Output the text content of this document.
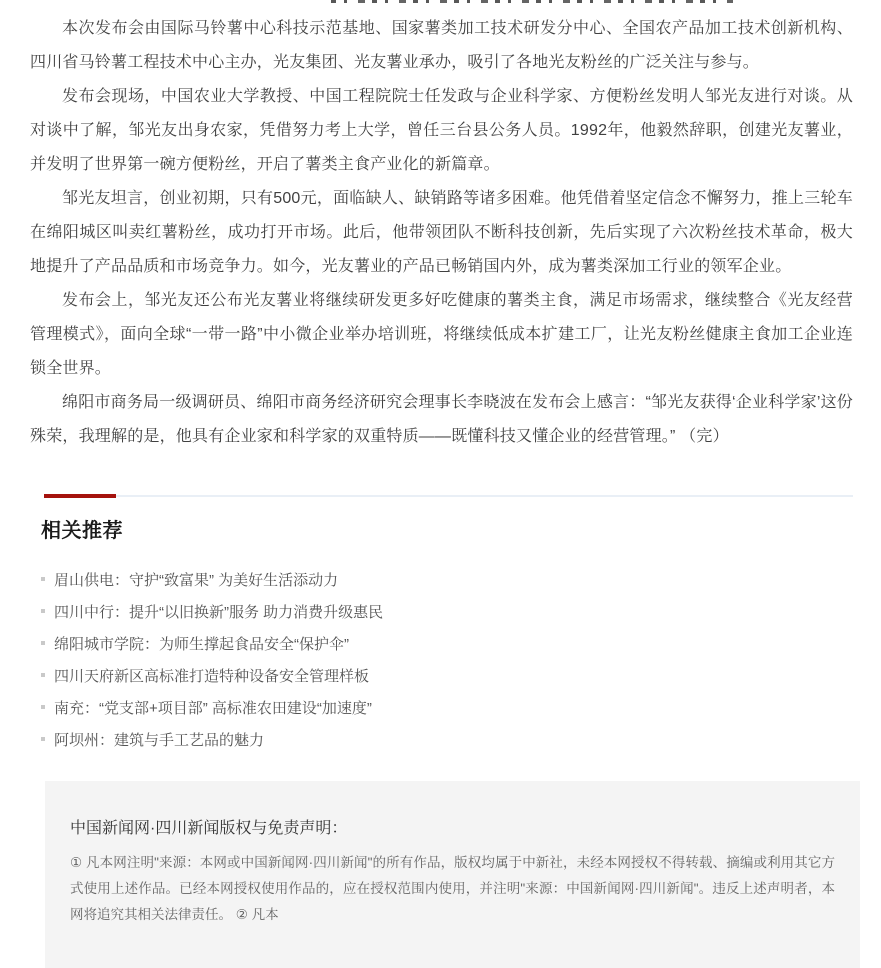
本次发布会由国际马铃薯中心科技示范基地、国家薯类加工技术研发分中心、全国农产品加工技术创新机构、四川省马铃薯工程技术中心主办，光友集团、光友薯业承办，吸引了各地光友粉丝的广泛关注与参与。

发布会现场，中国农业大学教授、中国工程院院士任发政与企业科学家、方便粉丝发明人邹光友进行对谈。从对谈中了解，邹光友出身农家，凭借努力考上大学，曾任三台县公务人员。1992年，他毅然辞职，创建光友薯业，并发明了世界第一碗方便粉丝，开启了薯类主食产业化的新篇章。

邹光友坦言，创业初期，只有500元，面临缺人、缺销路等诸多困难。他凭借着坚定信念不懈努力，推上三轮车在绵阳城区叫卖红薯粉丝，成功打开市场。此后，他带领团队不断科技创新，先后实现了六次粉丝技术革命，极大地提升了产品品质和市场竞争力。如今，光友薯业的产品已畅销国内外，成为薯类深加工行业的领军企业。

发布会上，邹光友还公布光友薯业将继续研发更多好吃健康的薯类主食，满足市场需求，继续整合《光友经营管理模式》，面向全球“一带一路”中小微企业举办培训班，将继续低成本扩建工厂，让光友粉丝健康主食加工企业连锁全世界。

绵阳市商务局一级调研员、绵阳市商务经济研究会理事长李晓波在发布会上感言：“邹光友获得‘企业科学家’这份殊荣，我理解的是，他具有企业家和科学家的双重特质——既懂科技又懂企业的经营管理。” （完）

相关推荐
眉山供电：守护“致富果” 为美好生活添动力
四川中行：提升“以旧换新”服务 助力消费升级惠民
绵阳城市学院：为师生撑起食品安全“保护伞”
四川天府新区高标准打造特种设备安全管理样板
南充：“党支部+项目部” 高标准农田建设“加速度”
阿坝州：建筑与手工艺品的魅力
中国新闻网·四川新闻版权与免责声明：

① 凡本网注明"来源：本网或中国新闻网·四川新闻"的所有作品，版权均属于中新社，未经本网授权不得转载、摘编或利用其它方式使用上述作品。已经本网授权使用作品的，应在授权范围内使用，并注明"来源：中国新闻网·四川新闻"。违反上述声明者，本网将追究其相关法律责任。 ② 凡本
